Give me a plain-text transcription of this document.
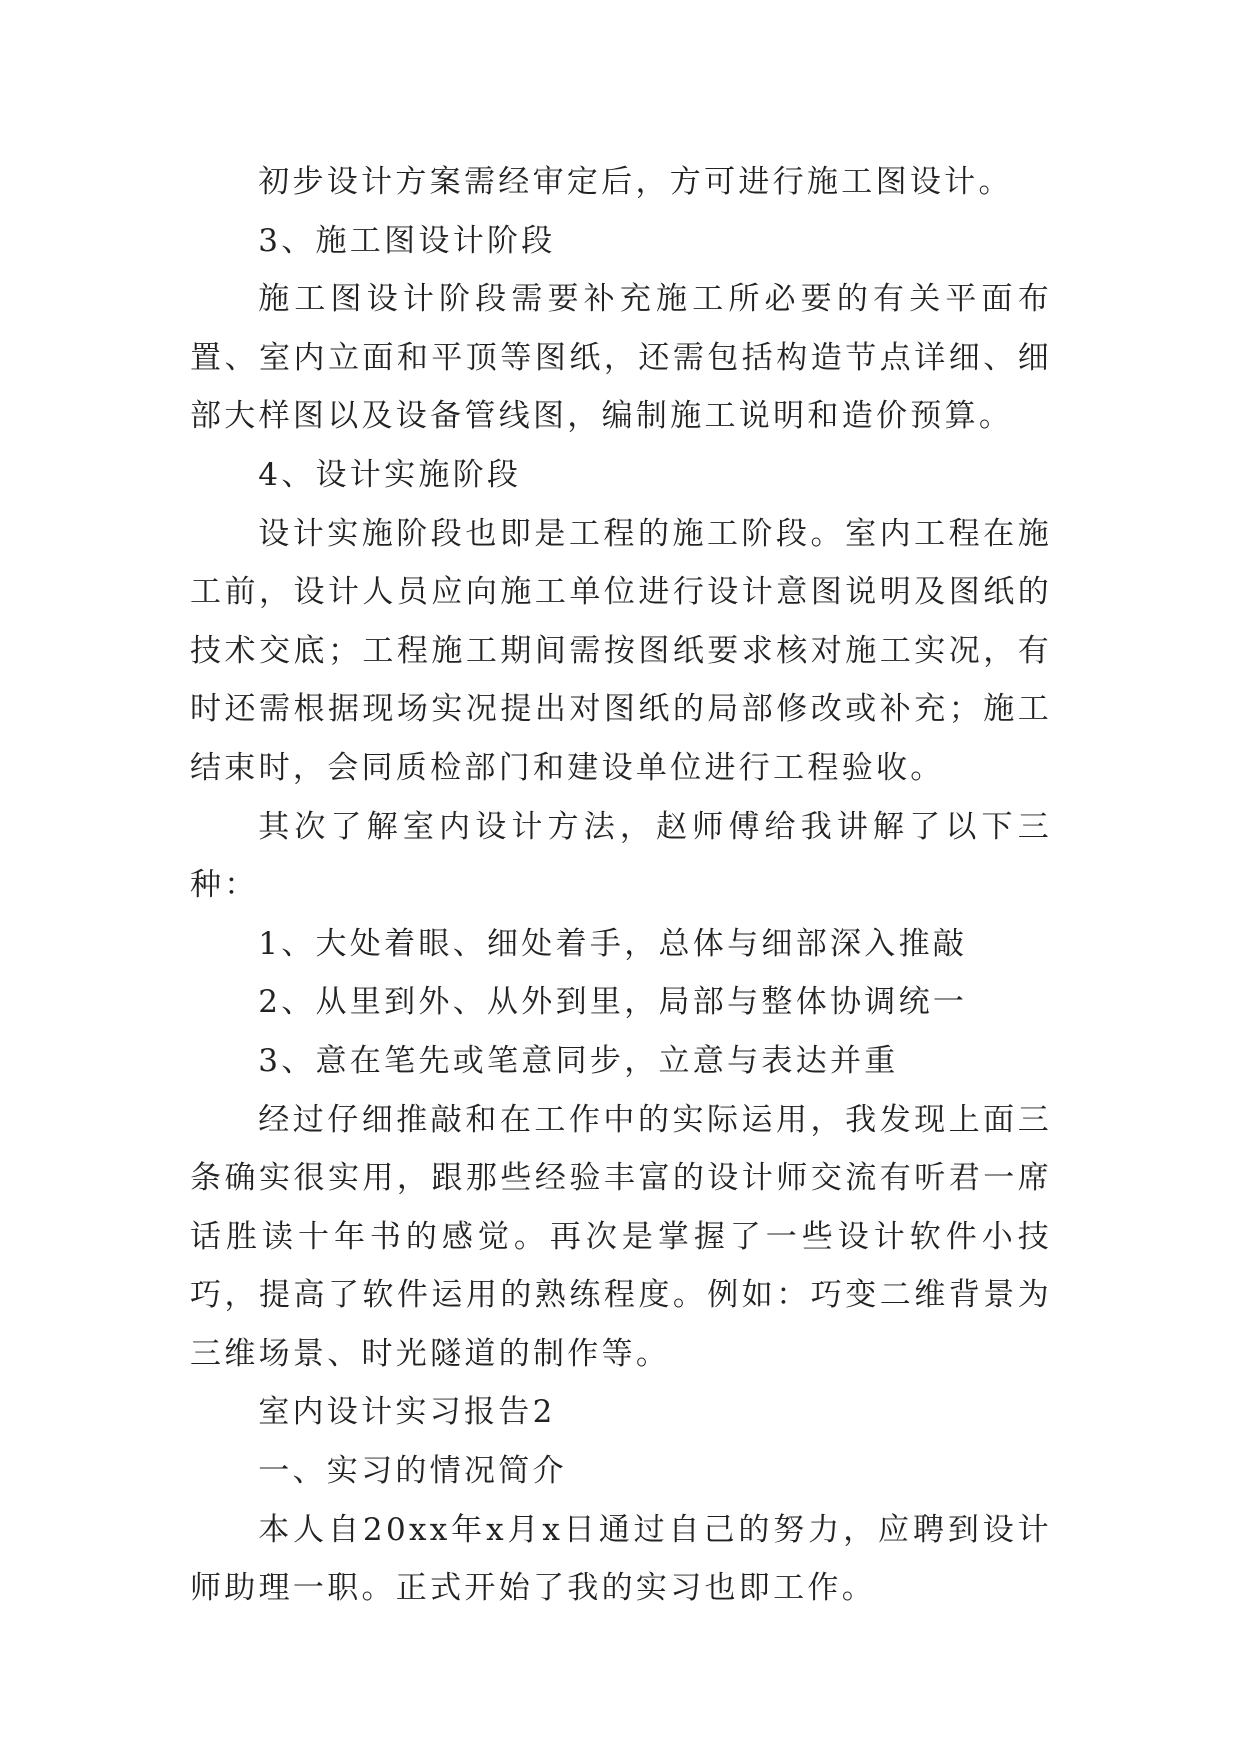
初步设计方案需经审定后，方可进行施工图设计。

3、施工图设计阶段

施工图设计阶段需要补充施工所必要的有关平面布置、室内立面和平顶等图纸，还需包括构造节点详细、细部大样图以及设备管线图，编制施工说明和造价预算。

4、设计实施阶段

设计实施阶段也即是工程的施工阶段。室内工程在施工前，设计人员应向施工单位进行设计意图说明及图纸的技术交底；工程施工期间需按图纸要求核对施工实况，有时还需根据现场实况提出对图纸的局部修改或补充；施工结束时，会同质检部门和建设单位进行工程验收。

其次了解室内设计方法，赵师傅给我讲解了以下三种：

1、大处着眼、细处着手，总体与细部深入推敲

2、从里到外、从外到里，局部与整体协调统一

3、意在笔先或笔意同步，立意与表达并重

经过仔细推敲和在工作中的实际运用，我发现上面三条确实很实用，跟那些经验丰富的设计师交流有听君一席话胜读十年书的感觉。再次是掌握了一些设计软件小技巧，提高了软件运用的熟练程度。例如：巧变二维背景为三维场景、时光隧道的制作等。

室内设计实习报告2

一、实习的情况简介

本人自20xx年x月x日通过自己的努力，应聘到设计师助理一职。正式开始了我的实习也即工作。
